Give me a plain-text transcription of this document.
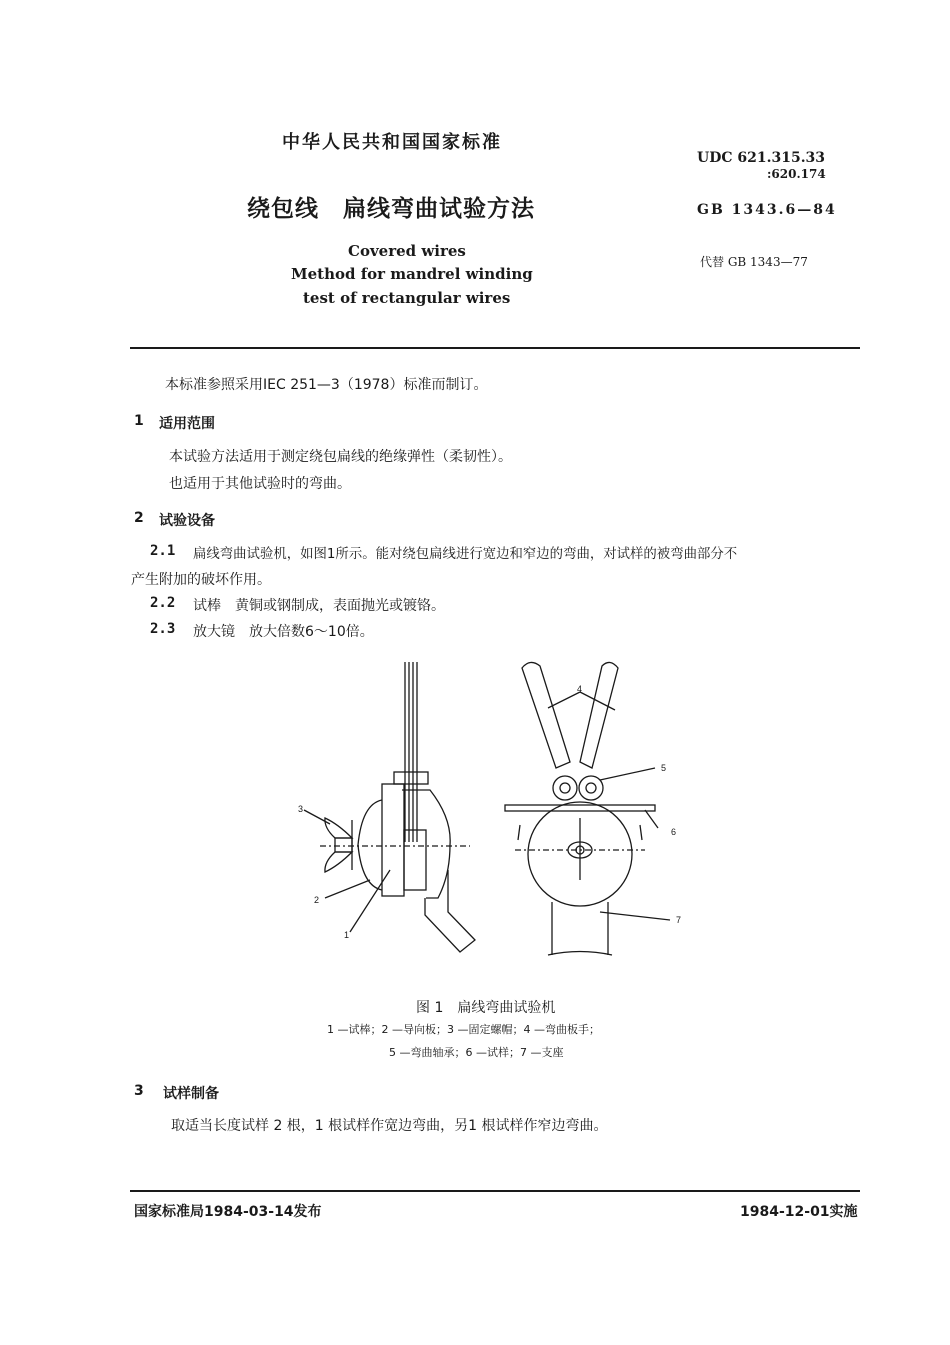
中华人民共和国国家标准
UDC 621.315.33
:620.174
绕包线　扁线弯曲试验方法	GB 1343.6—84
代替 GB 1343—77
Covered wires
Method for mandrel winding
test of rectangular wires
本标准参照采用IEC 251—3（1978）标准而制订。
1 适用范围
本试验方法适用于测定绕包扁线的绝缘弹性（柔韧性）。
也适用于其他试验时的弯曲。
2 试验设备
2.1 扁线弯曲试验机，如图1所示。能对绕包扁线进行宽边和窄边的弯曲，对试样的被弯曲部分不
产生附加的破坏作用。
2.2 试棒　黄铜或钢制成，表面抛光或镀铬。
2.3 放大镜　放大倍数6～10倍。
1
2
3
4
5
6
7
图 1　扁线弯曲试验机
1 —试棒；2 —导向板；3 —固定螺帽；4 —弯曲板手；
5 —弯曲轴承；6 —试样；7 —支座
3 试样制备
取适当长度试样 2 根，1 根试样作宽边弯曲，另1 根试样作窄边弯曲。
国家标准局1984-03-14发布	1984-12-01实施
